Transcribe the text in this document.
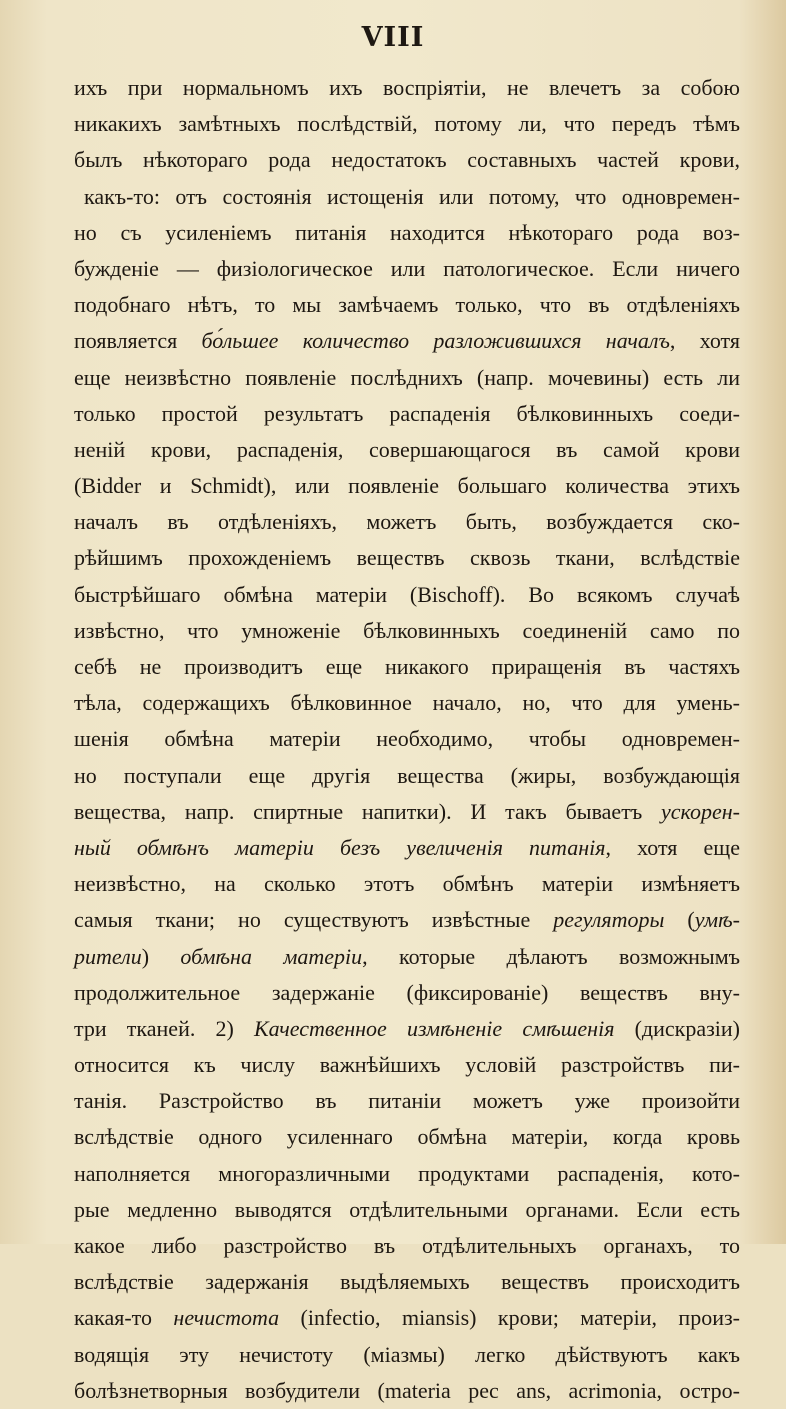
VIII
ихъ при нормальномъ ихъ воспріятіи, не влечетъ за собою
никакихъ замѣтныхъ послѣдствій, потому ли, что передъ тѣмъ
былъ нѣкотораго рода недостатокъ составныхъ частей крови,
какъ-то: отъ состоянія истощенія или потому, что одновремен-
но съ усиленіемъ питанія находится нѣкотораго рода воз-
бужденіе — физіологическое или патологическое. Если ничего
подобнаго нѣтъ, то мы замѣчаемъ только, что въ отдѣленіяхъ
появляется бо́льшее количество разложившихся началъ, хотя
еще неизвѣстно появленіе послѣднихъ (напр. мочевины) есть ли
только простой результатъ распаденія бѣлковинныхъ соеди-
неній крови, распаденія, совершающагося въ самой крови
(Bidder и Schmidt), или появленіе большаго количества этихъ
началъ въ отдѣленіяхъ, можетъ быть, возбуждается ско-
рѣйшимъ прохожденіемъ веществъ сквозь ткани, вслѣдствіе
быстрѣйшаго обмѣна матеріи (Bischoff). Во всякомъ случаѣ
извѣстно, что умноженіе бѣлковинныхъ соединеній само по
себѣ не производитъ еще никакого приращенія въ частяхъ
тѣла, содержащихъ бѣлковинное начало, но, что для умень-
шенія обмѣна матеріи необходимо, чтобы одновремен-
но поступали еще другія вещества (жиры, возбуждающія
вещества, напр. спиртные напитки). И такъ бываетъ ускорен-
ный обмѣнъ матеріи безъ увеличенія питанія, хотя еще
неизвѣстно, на сколько этотъ обмѣнъ матеріи измѣняетъ
самыя ткани; но существуютъ извѣстные регуляторы (умѣ-
рители) обмѣна матеріи, которые дѣлаютъ возможнымъ
продолжительное задержаніе (фиксированіе) веществъ вну-
три тканей. 2) Качественное измѣненіе смѣшенія (дискразіи)
относится къ числу важнѣйшихъ условій разстройствъ пи-
танія. Разстройство въ питаніи можетъ уже произойти
вслѣдствіе одного усиленнаго обмѣна матеріи, когда кровь
наполняется многоразличными продуктами распаденія, кото-
рые медленно выводятся отдѣлительными органами. Если есть
какое либо разстройство въ отдѣлительныхъ органахъ, то
вслѣдствіе задержанія выдѣляемыхъ веществъ происходитъ
какая-то нечистота (infectio, miansis) крови; матеріи, произ-
водящія эту нечистоту (міазмы) легко дѣйствуютъ какъ
болѣзнетворныя возбудители (materia pec ans, acrimonia, остро-
